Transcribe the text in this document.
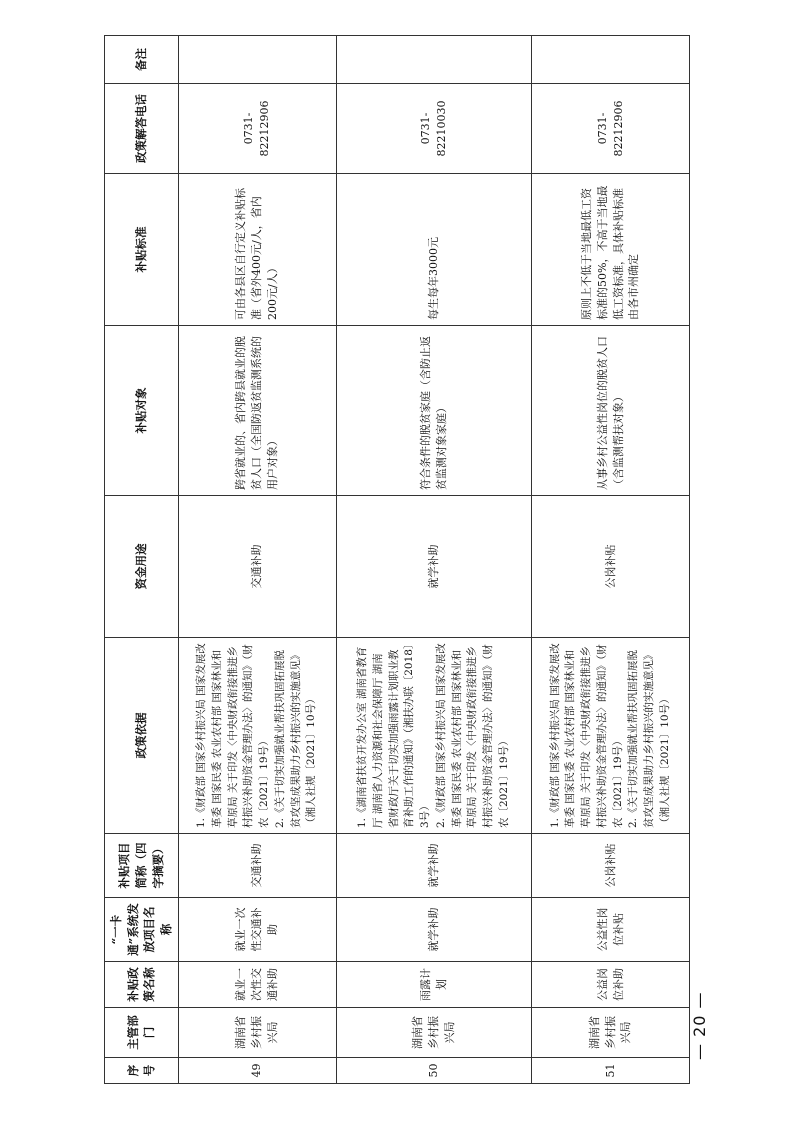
序号	主管部门	补贴政策名称	“一卡通”系统发放项目名称	补贴项目简称（四字摘要）	政策依据	资金用途	补贴对象	补贴标准	政策解答电话	备注
49	湖南省乡村振兴局	就业一次性交通补助	就业一次性交通补助	交通补助	1.《财政部 国家乡村振兴局 国家发展改革委 国家民委 农业农村部 国家林业和草原局 关于印发〈中央财政衔接推进乡村振兴补助资金管理办法〉的通知》（财农〔2021〕19号） 2.《关于切实加强就业帮扶巩固拓展脱贫攻坚成果助力乡村振兴的实施意见》（湘人社规〔2021〕10号）	交通补助	跨省就业的、省内跨县就业的脱贫人口（全国防返贫监测系统的用户对象）	可由各县区自行定义补贴标准（省外400元/人，省内200元/人）	0731-82212906	
50	湖南省乡村振兴局	雨露计划	就学补助	就学补助	1.《湖南省扶贫开发办公室 湖南省教育厅 湖南省人力资源和社会保障厅 湖南省财政厅关于切实加强雨露计划职业教育补助工作的通知》（湘扶办联〔2018〕3号） 2.《财政部 国家乡村振兴局 国家发展改革委 国家民委 农业农村部 国家林业和草原局 关于印发〈中央财政衔接推进乡村振兴补助资金管理办法〉的通知》（财农〔2021〕19号）	就学补助	符合条件的脱贫家庭（含防止返贫监测对象家庭）	每生每年3000元	0731-82210030	
51	湖南省乡村振兴局	公益岗位补助	公益性岗位补贴	公岗补贴	1.《财政部 国家乡村振兴局 国家发展改革委 国家民委 农业农村部 国家林业和草原局 关于印发〈中央财政衔接推进乡村振兴补助资金管理办法〉的通知》（财农〔2021〕19号） 2.《关于切实加强就业帮扶巩固拓展脱贫攻坚成果助力乡村振兴的实施意见》（湘人社规〔2021〕10号）	公岗补贴	从事乡村公益性岗位的脱贫人口（含监测帮扶对象）	原则上不低于当地最低工资标准的50%，不高于当地最低工资标准，具体补贴标准由各市州确定	0731-82212906	
— 20 —
